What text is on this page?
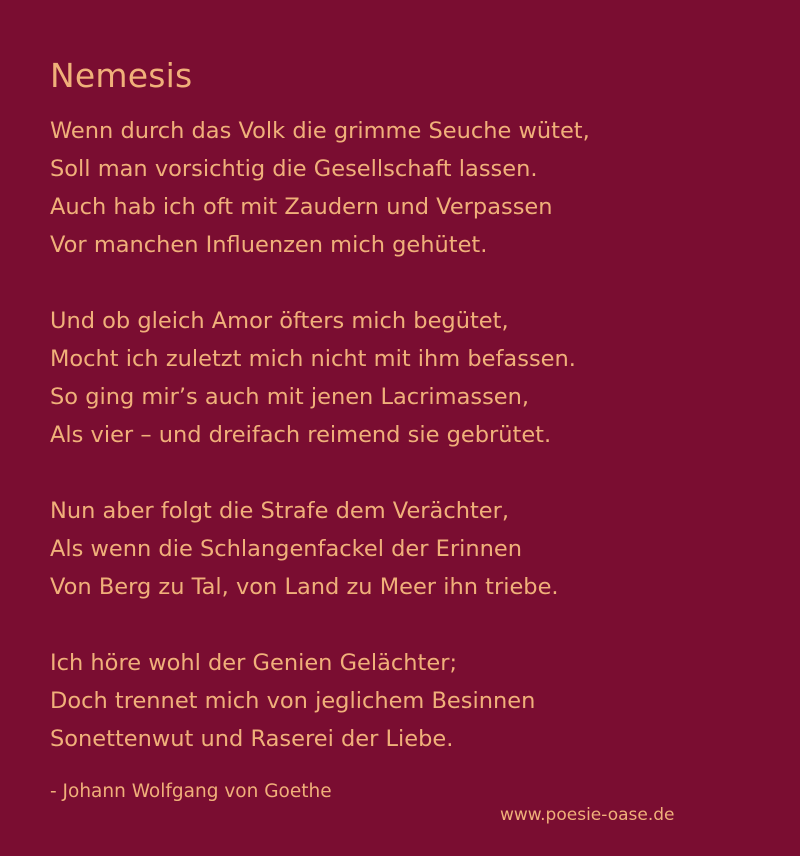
Nemesis
Wenn durch das Volk die grimme Seuche wütet,
Soll man vorsichtig die Gesellschaft lassen.
Auch hab ich oft mit Zaudern und Verpassen
Vor manchen Influenzen mich gehütet.
Und ob gleich Amor öfters mich begütet,
Mocht ich zuletzt mich nicht mit ihm befassen.
So ging mir’s auch mit jenen Lacrimassen,
Als vier – und dreifach reimend sie gebrütet.
Nun aber folgt die Strafe dem Verächter,
Als wenn die Schlangenfackel der Erinnen
Von Berg zu Tal, von Land zu Meer ihn triebe.
Ich höre wohl der Genien Gelächter;
Doch trennet mich von jeglichem Besinnen
Sonettenwut und Raserei der Liebe.
- Johann Wolfgang von Goethe
www.poesie-oase.de
